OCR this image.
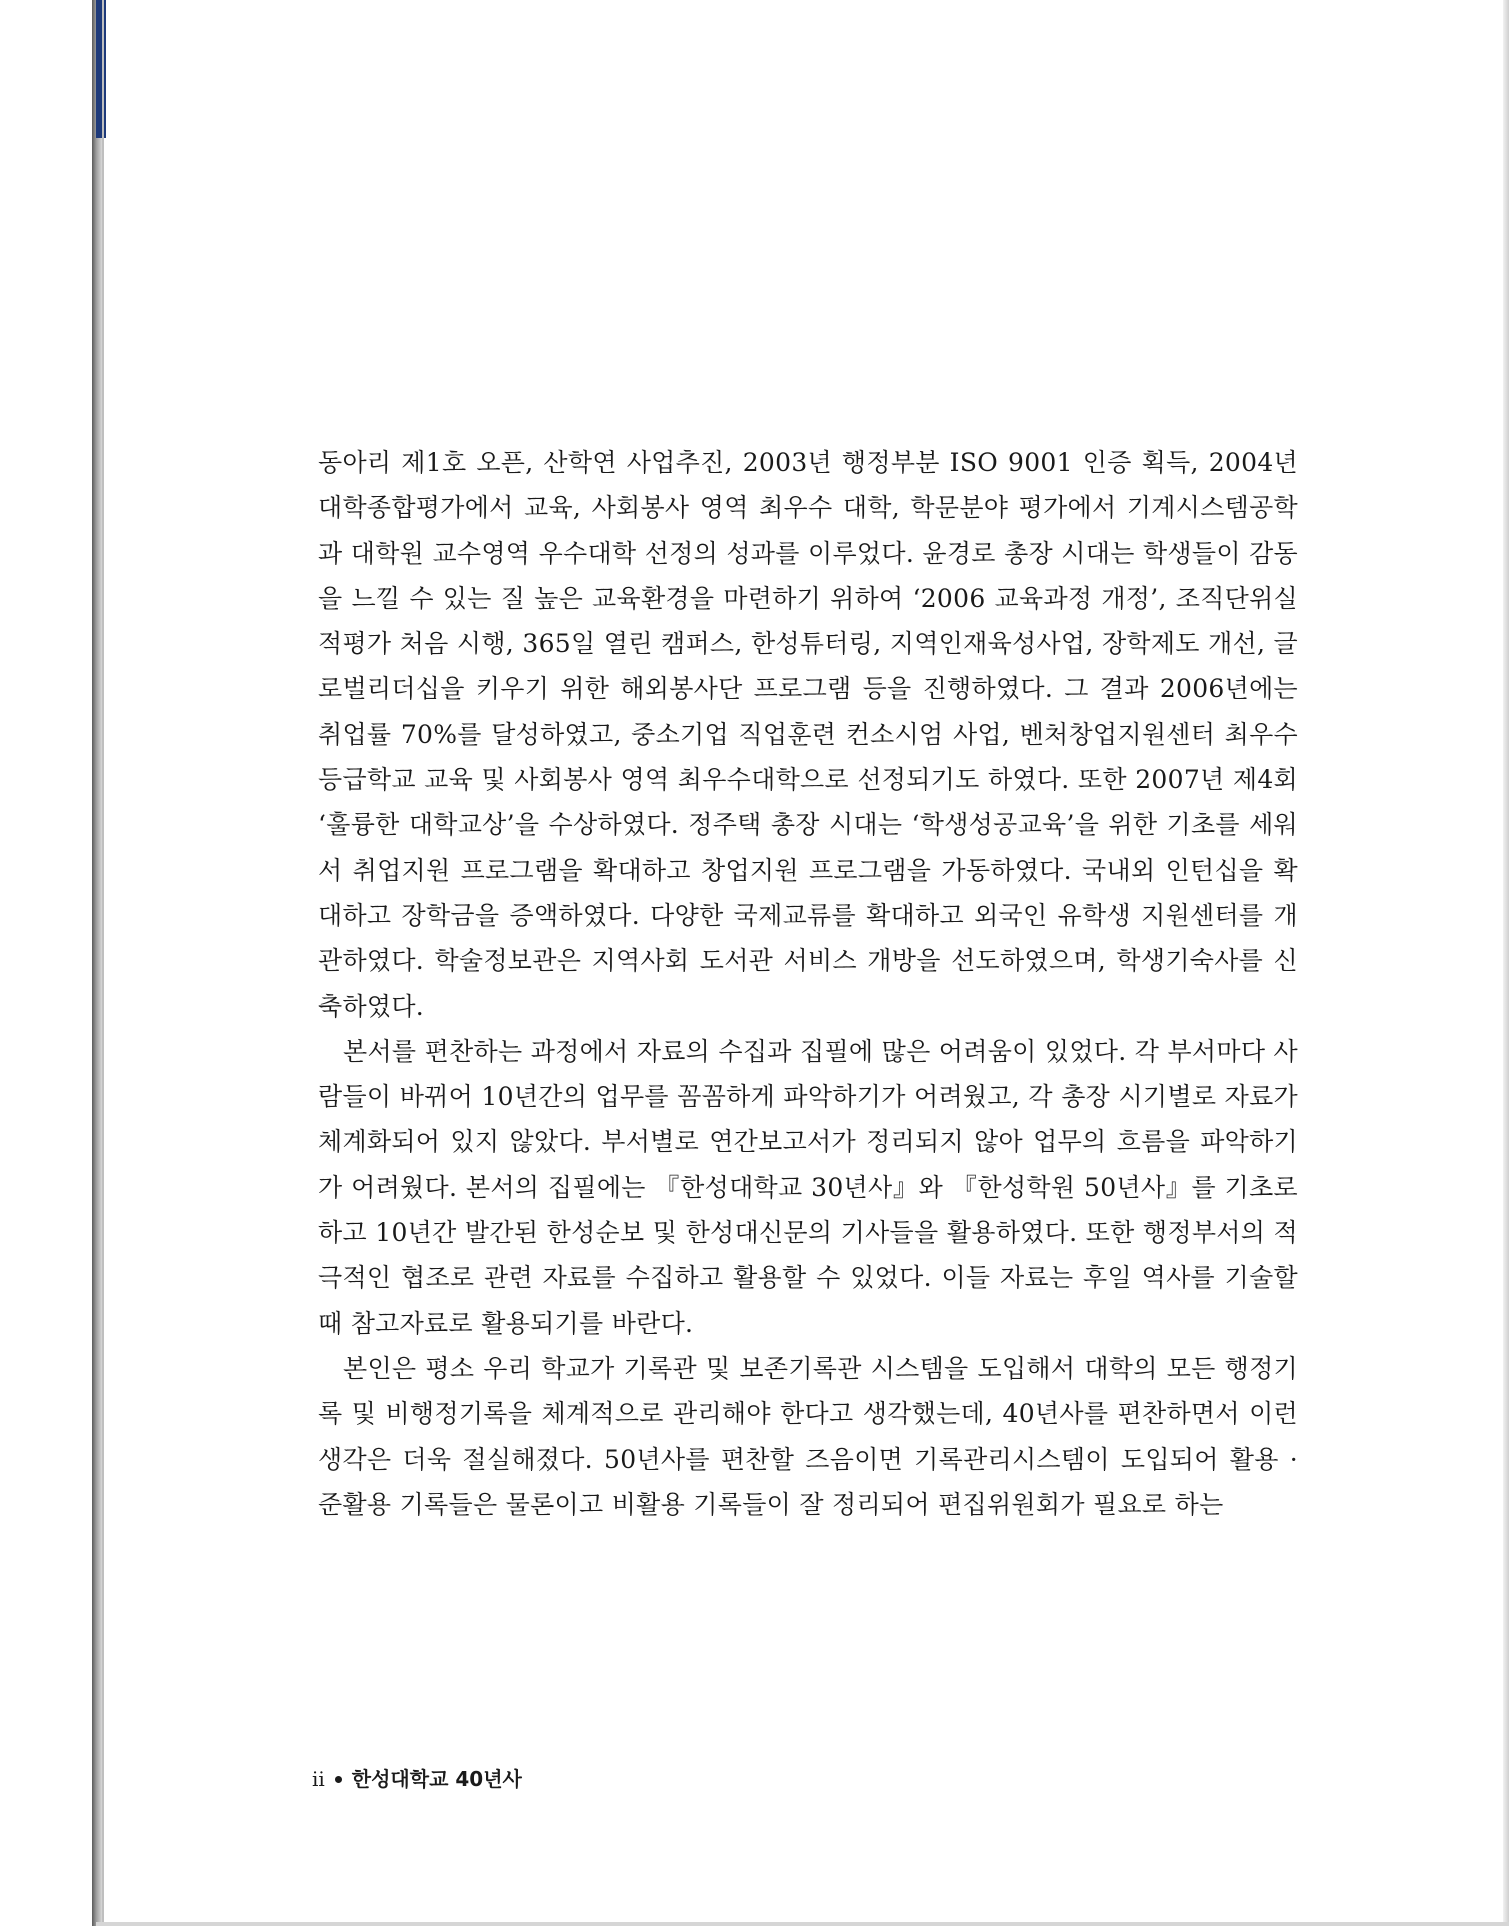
동아리 제1호 오픈, 산학연 사업추진, 2003년 행정부분 ISO 9001 인증 획득, 2004년 대학종합평가에서 교육, 사회봉사 영역 최우수 대학, 학문분야 평가에서 기계시스템공학과 대학원 교수영역 우수대학 선정의 성과를 이루었다. 윤경로 총장 시대는 학생들이 감동을 느낄 수 있는 질 높은 교육환경을 마련하기 위하여 ‘2006 교육과정 개정’, 조직단위실적평가 처음 시행, 365일 열린 캠퍼스, 한성튜터링, 지역인재육성사업, 장학제도 개선, 글로벌리더십을 키우기 위한 해외봉사단 프로그램 등을 진행하였다. 그 결과 2006년에는 취업률 70%를 달성하였고, 중소기업 직업훈련 컨소시엄 사업, 벤처창업지원센터 최우수 등급학교 교육 및 사회봉사 영역 최우수대학으로 선정되기도 하였다. 또한 2007년 제4회 ‘훌륭한 대학교상’을 수상하였다. 정주택 총장 시대는 ‘학생성공교육’을 위한 기초를 세워서 취업지원 프로그램을 확대하고 창업지원 프로그램을 가동하였다. 국내외 인턴십을 확대하고 장학금을 증액하였다. 다양한 국제교류를 확대하고 외국인 유학생 지원센터를 개관하였다. 학술정보관은 지역사회 도서관 서비스 개방을 선도하였으며, 학생기숙사를 신축하였다.

본서를 편찬하는 과정에서 자료의 수집과 집필에 많은 어려움이 있었다. 각 부서마다 사람들이 바뀌어 10년간의 업무를 꼼꼼하게 파악하기가 어려웠고, 각 총장 시기별로 자료가 체계화되어 있지 않았다. 부서별로 연간보고서가 정리되지 않아 업무의 흐름을 파악하기가 어려웠다. 본서의 집필에는 『한성대학교 30년사』와 『한성학원 50년사』를 기초로 하고 10년간 발간된 한성순보 및 한성대신문의 기사들을 활용하였다. 또한 행정부서의 적극적인 협조로 관련 자료를 수집하고 활용할 수 있었다. 이들 자료는 후일 역사를 기술할 때 참고자료로 활용되기를 바란다.

본인은 평소 우리 학교가 기록관 및 보존기록관 시스템을 도입해서 대학의 모든 행정기록 및 비행정기록을 체계적으로 관리해야 한다고 생각했는데, 40년사를 편찬하면서 이런 생각은 더욱 절실해졌다. 50년사를 편찬할 즈음이면 기록관리시스템이 도입되어 활용 · 준활용 기록들은 물론이고 비활용 기록들이 잘 정리되어 편집위원회가 필요로 하는

ii 한성대학교 40년사
